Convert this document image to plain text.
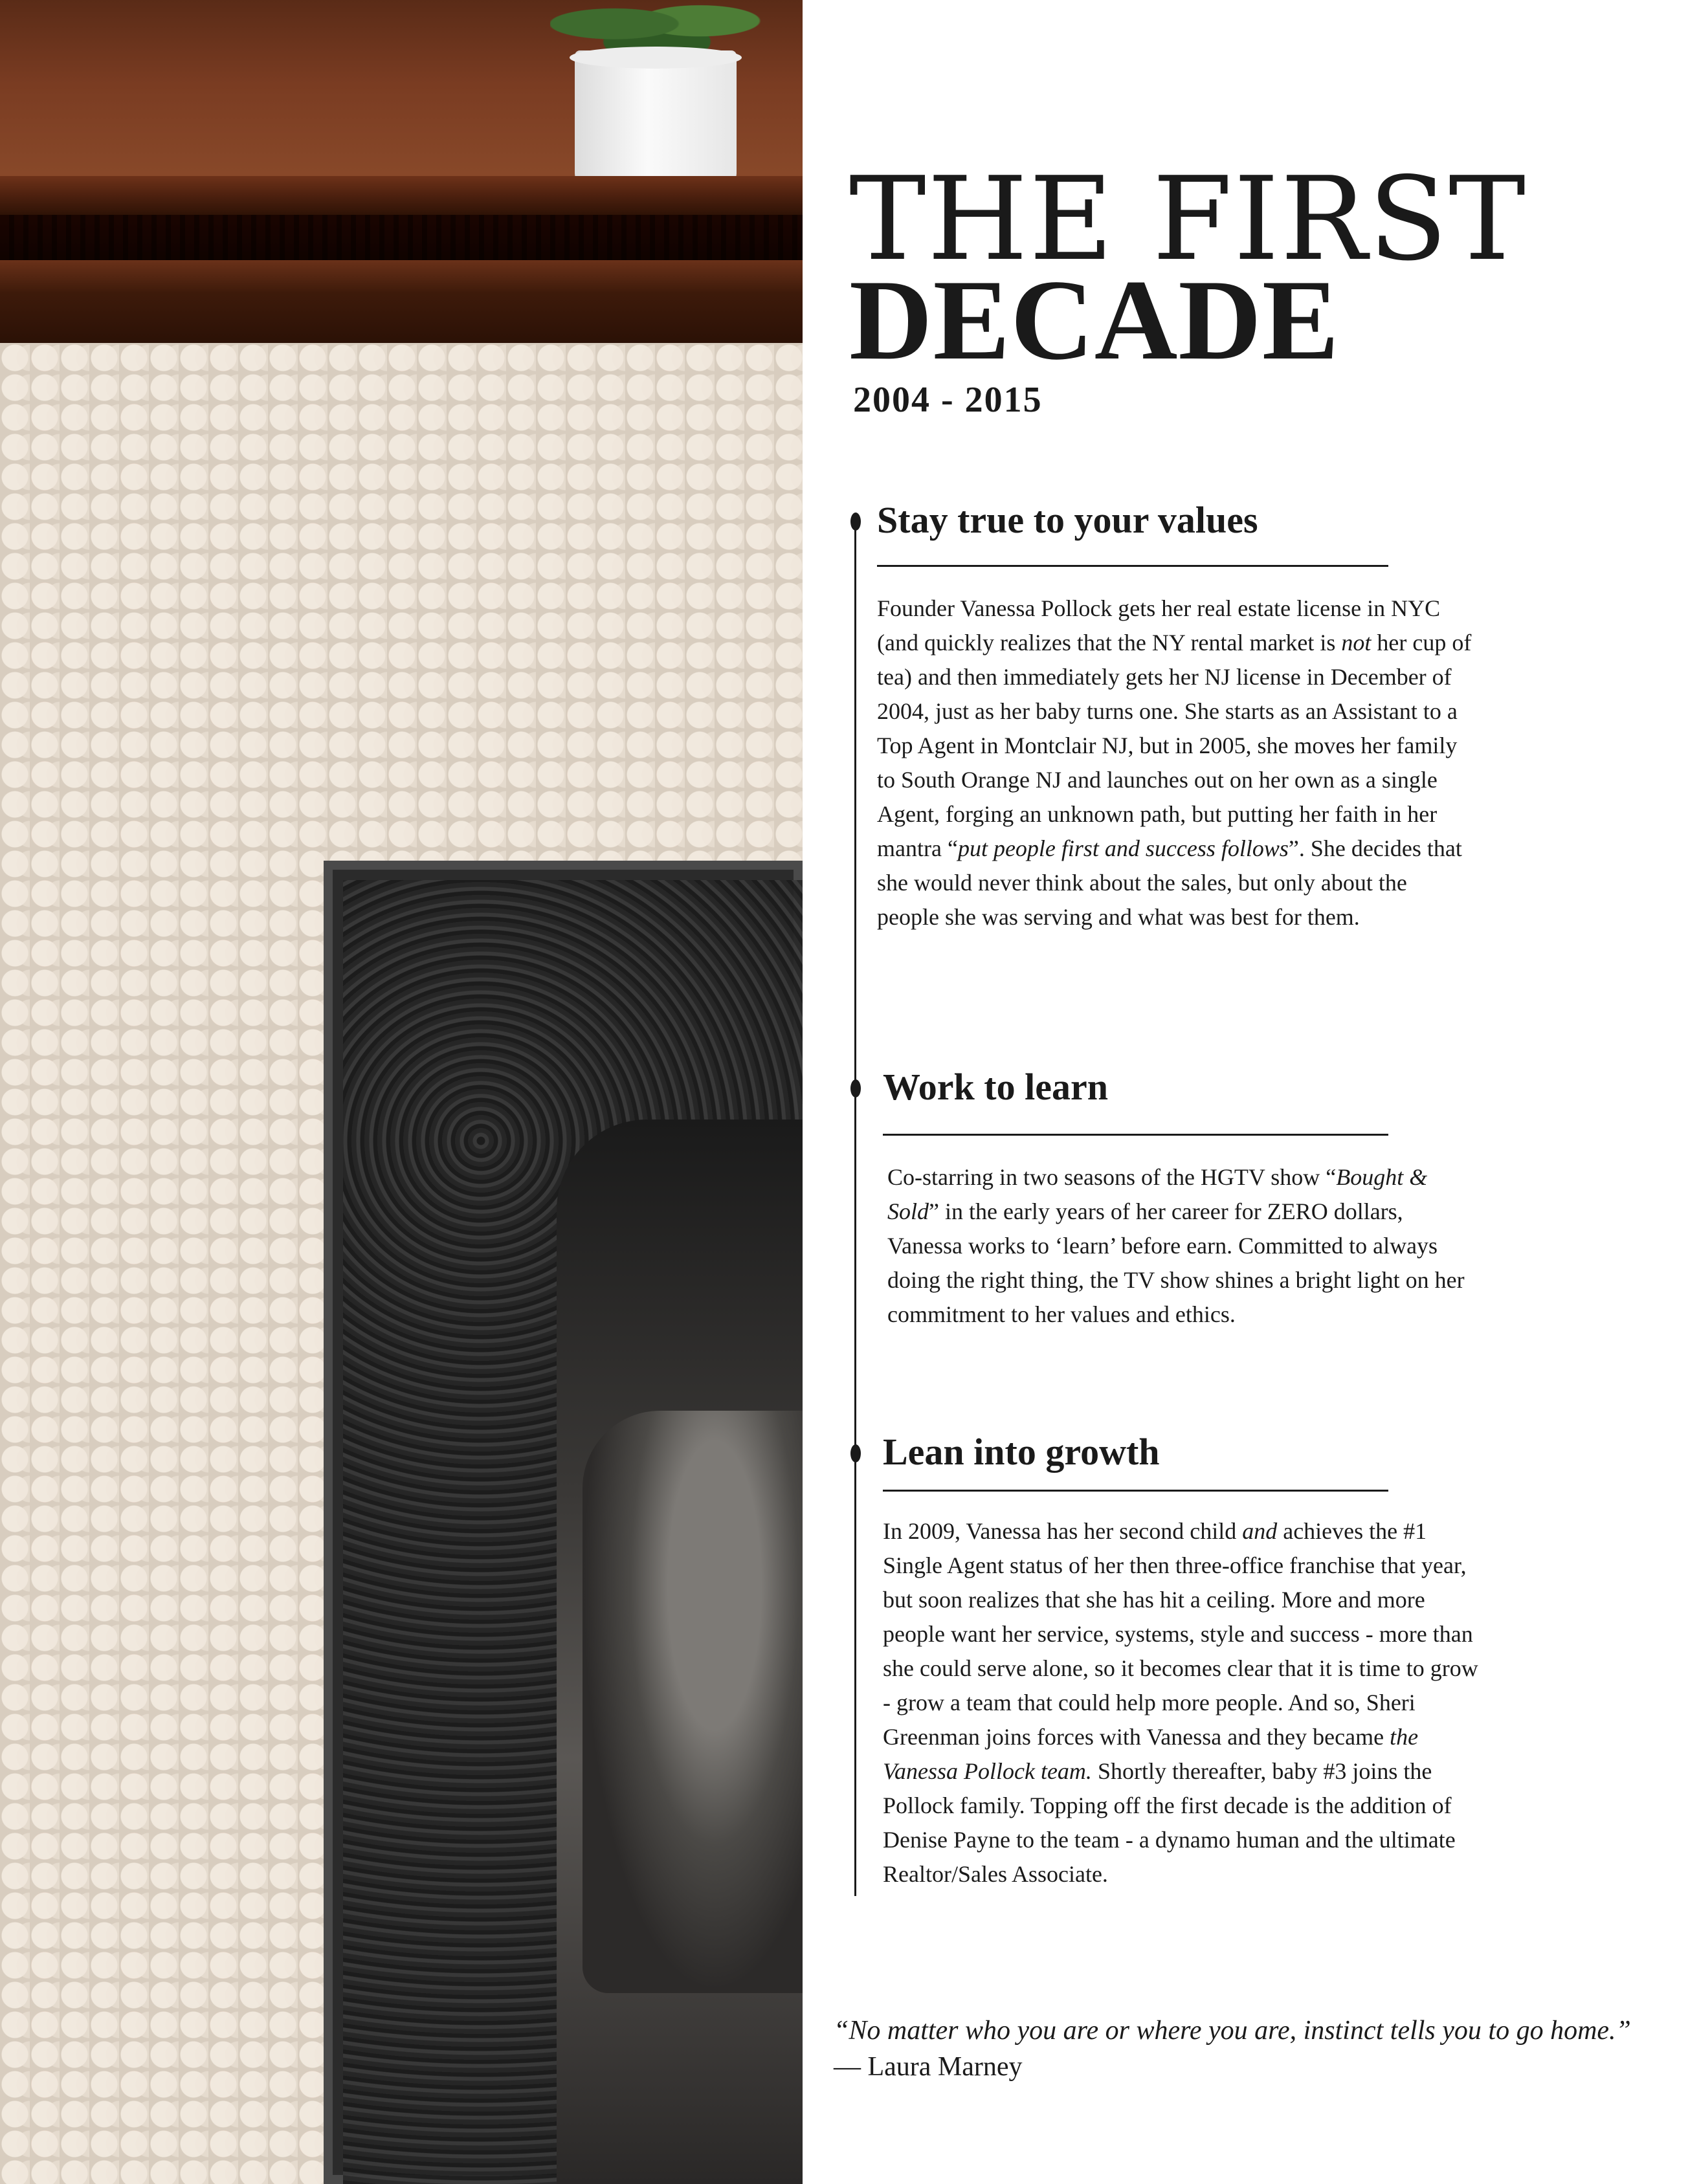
THE FIRST
DECADE
2004 - 2015
Stay true to your values

Founder Vanessa Pollock gets her real estate license in NYC (and quickly realizes that the NY rental market is not her cup of tea) and then immediately gets her NJ license in December of 2004, just as her baby turns one. She starts as an Assistant to a Top Agent in Montclair NJ, but in 2005, she moves her family to South Orange NJ and launches out on her own as a single Agent, forging an unknown path, but putting her faith in her mantra “put people first and success follows”. She decides that she would never think about the sales, but only about the people she was serving and what was best for them.

Work to learn

Co-starring in two seasons of the HGTV show “Bought & Sold” in the early years of her career for ZERO dollars, Vanessa works to ‘learn’ before earn. Committed to always doing the right thing, the TV show shines a bright light on her commitment to her values and ethics.

Lean into growth

In 2009, Vanessa has her second child and achieves the #1 Single Agent status of her then three-office franchise that year, but soon realizes that she has hit a ceiling. More and more people want her service, systems, style and success - more than she could serve alone, so it becomes clear that it is time to grow - grow a team that could help more people. And so, Sheri Greenman joins forces with Vanessa and they became the Vanessa Pollock team. Shortly thereafter, baby #3 joins the Pollock family. Topping off the first decade is the addition of Denise Payne to the team - a dynamo human and the ultimate Realtor/Sales Associate.

“No matter who you are or where you are, instinct tells you to go home.”
— Laura Marney
